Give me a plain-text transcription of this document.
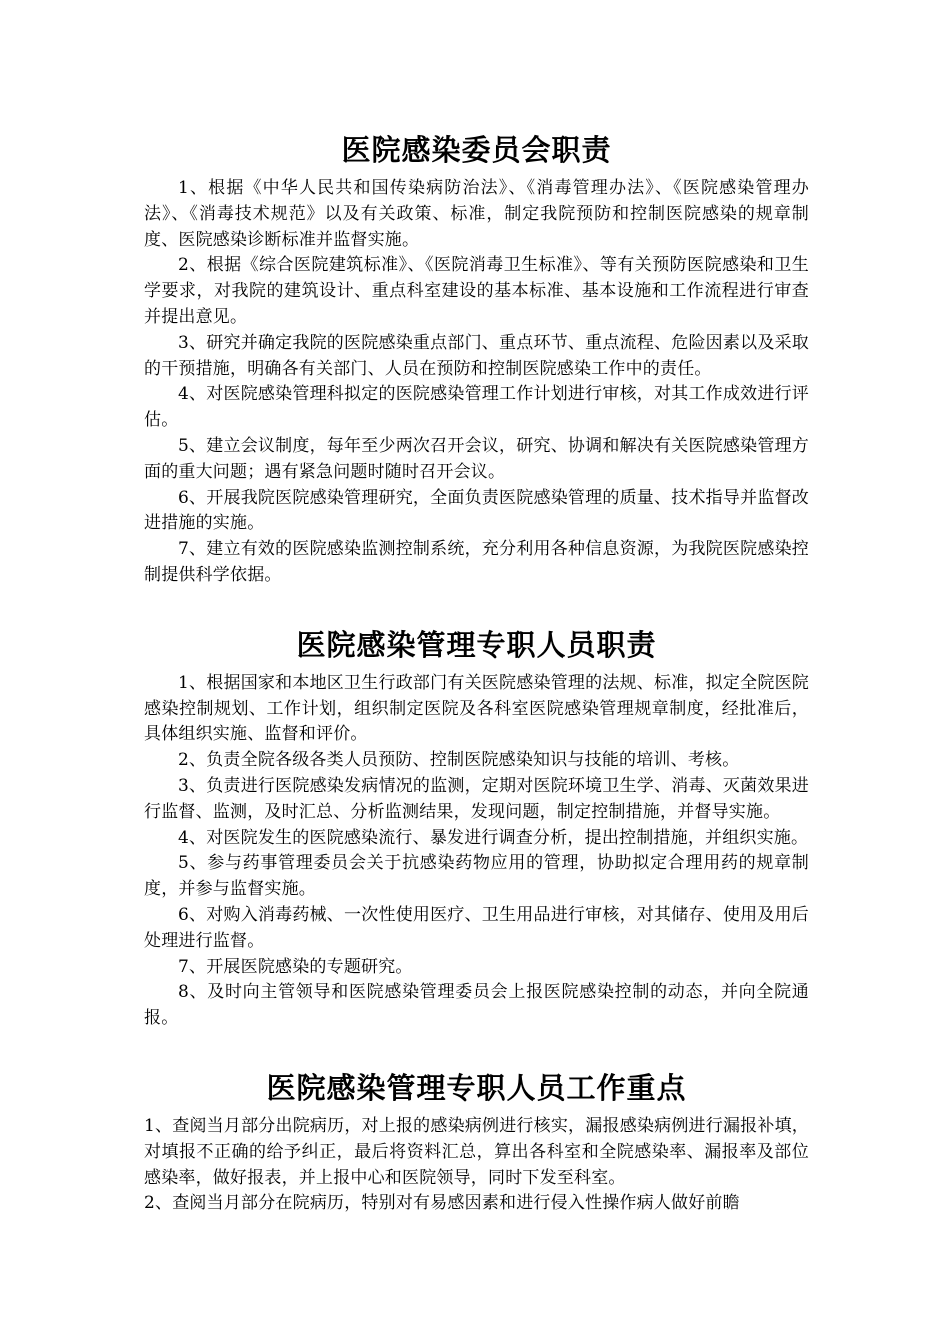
医院感染委员会职责

1、根据《中华人民共和国传染病防治法》、《消毒管理办法》、《医院感染管理办法》、《消毒技术规范》以及有关政策、标准，制定我院预防和控制医院感染的规章制度、医院感染诊断标准并监督实施。

2、根据《综合医院建筑标准》、《医院消毒卫生标准》、等有关预防医院感染和卫生学要求，对我院的建筑设计、重点科室建设的基本标准、基本设施和工作流程进行审查并提出意见。

3、研究并确定我院的医院感染重点部门、重点环节、重点流程、危险因素以及采取的干预措施，明确各有关部门、人员在预防和控制医院感染工作中的责任。

4、对医院感染管理科拟定的医院感染管理工作计划进行审核，对其工作成效进行评估。

5、建立会议制度，每年至少两次召开会议，研究、协调和解决有关医院感染管理方面的重大问题；遇有紧急问题时随时召开会议。

6、开展我院医院感染管理研究，全面负责医院感染管理的质量、技术指导并监督改进措施的实施。

7、建立有效的医院感染监测控制系统，充分利用各种信息资源，为我院医院感染控制提供科学依据。

医院感染管理专职人员职责

1、根据国家和本地区卫生行政部门有关医院感染管理的法规、标准，拟定全院医院感染控制规划、工作计划，组织制定医院及各科室医院感染管理规章制度，经批准后，具体组织实施、监督和评价。

2、负责全院各级各类人员预防、控制医院感染知识与技能的培训、考核。

3、负责进行医院感染发病情况的监测，定期对医院环境卫生学、消毒、灭菌效果进行监督、监测，及时汇总、分析监测结果，发现问题，制定控制措施，并督导实施。

4、对医院发生的医院感染流行、暴发进行调查分析，提出控制措施，并组织实施。

5、参与药事管理委员会关于抗感染药物应用的管理，协助拟定合理用药的规章制度，并参与监督实施。

6、对购入消毒药械、一次性使用医疗、卫生用品进行审核，对其储存、使用及用后处理进行监督。

7、开展医院感染的专题研究。

8、及时向主管领导和医院感染管理委员会上报医院感染控制的动态，并向全院通报。

医院感染管理专职人员工作重点

1、查阅当月部分出院病历，对上报的感染病例进行核实，漏报感染病例进行漏报补填，对填报不正确的给予纠正，最后将资料汇总，算出各科室和全院感染率、漏报率及部位感染率，做好报表，并上报中心和医院领导，同时下发至科室。

2、查阅当月部分在院病历，特别对有易感因素和进行侵入性操作病人做好前瞻
